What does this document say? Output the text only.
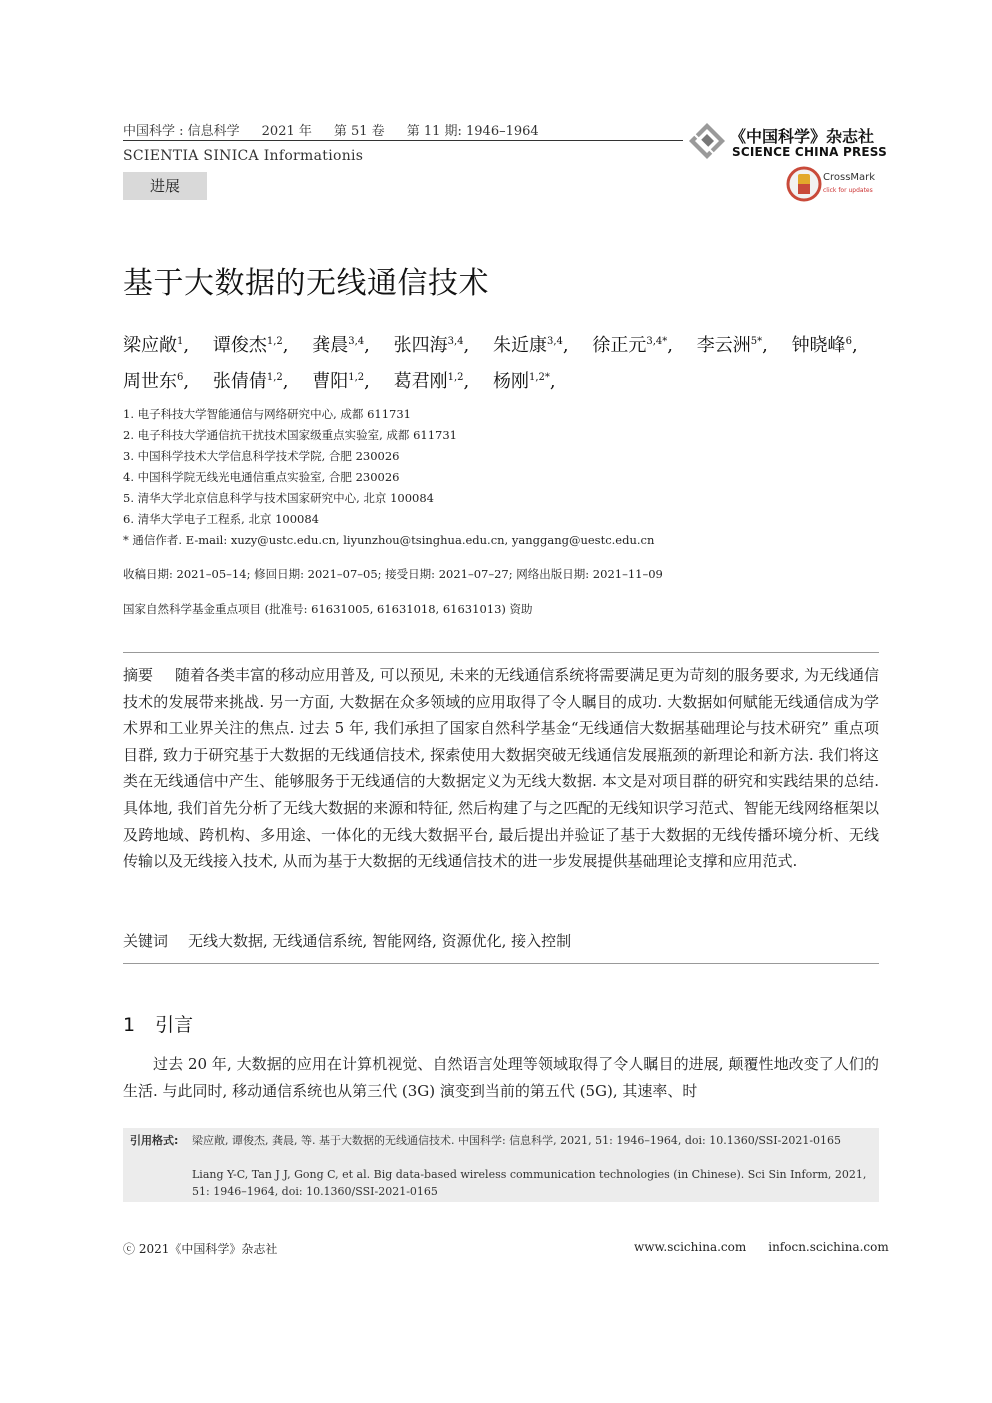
中国科学 : 信息科学 2021 年 第 51 卷 第 11 期: 1946–1964
SCIENTIA SINICA Informationis
进展
《中国科学》杂志社
SCIENCE CHINA PRESS
CrossMark
click for updates
基于大数据的无线通信技术
梁应敞$^1$,   谭俊杰$^{1,2}$,   龚晨$^{3,4}$,   张四海$^{3,4}$,   朱近康$^{3,4}$,   徐正元$^{3,4*}$,   李云洲$^{5*}$,   钟晓峰$^6$,  周世东$^6$,   张倩倩$^{1,2}$,   曹阳$^{1,2}$,   葛君刚$^{1,2}$,   杨刚$^{1,2*}$,  
1. 电子科技大学智能通信与网络研究中心, 成都 611731
2. 电子科技大学通信抗干扰技术国家级重点实验室, 成都 611731
3. 中国科学技术大学信息科学技术学院, 合肥 230026
4. 中国科学院无线光电通信重点实验室, 合肥 230026
5. 清华大学北京信息科学与技术国家研究中心, 北京 100084
6. 清华大学电子工程系, 北京 100084
* 通信作者. E-mail: xuzy@ustc.edu.cn, liyunzhou@tsinghua.edu.cn, yanggang@uestc.edu.cn
收稿日期: 2021–05–14; 修回日期: 2021–07–05; 接受日期: 2021–07–27; 网络出版日期: 2021–11–09
国家自然科学基金重点项目 (批准号: 61631005, 61631018, 61631013) 资助
摘要 随着各类丰富的移动应用普及, 可以预见, 未来的无线通信系统将需要满足更为苛刻的服务要求, 为无线通信技术的发展带来挑战. 另一方面, 大数据在众多领域的应用取得了令人瞩目的成功. 大数据如何赋能无线通信成为学术界和工业界关注的焦点. 过去 5 年, 我们承担了国家自然科学基金“无线通信大数据基础理论与技术研究” 重点项目群, 致力于研究基于大数据的无线通信技术, 探索使用大数据突破无线通信发展瓶颈的新理论和新方法. 我们将这类在无线通信中产生、能够服务于无线通信的大数据定义为无线大数据. 本文是对项目群的研究和实践结果的总结. 具体地, 我们首先分析了无线大数据的来源和特征, 然后构建了与之匹配的无线知识学习范式、智能无线网络框架以及跨地域、跨机构、多用途、一体化的无线大数据平台, 最后提出并验证了基于大数据的无线传播环境分析、无线传输以及无线接入技术, 从而为基于大数据的无线通信技术的进一步发展提供基础理论支撑和应用范式.
关键词 无线大数据, 无线通信系统, 智能网络, 资源优化, 接入控制
1 引言
过去 20 年, 大数据的应用在计算机视觉、自然语言处理等领域取得了令人瞩目的进展, 颠覆性地改变了人们的生活. 与此同时, 移动通信系统也从第三代 (3G) 演变到当前的第五代 (5G), 其速率、时
引用格式: 梁应敞, 谭俊杰, 龚晨, 等. 基于大数据的无线通信技术. 中国科学: 信息科学, 2021, 51: 1946–1964, doi: 10.1360/SSI-2021-0165
Liang Y-C, Tan J J, Gong C, et al. Big data-based wireless communication technologies (in Chinese). Sci Sin Inform, 2021, 51: 1946–1964, doi: 10.1360/SSI-2021-0165
ⓒ 2021《中国科学》杂志社	www.scichina.com infocn.scichina.com
